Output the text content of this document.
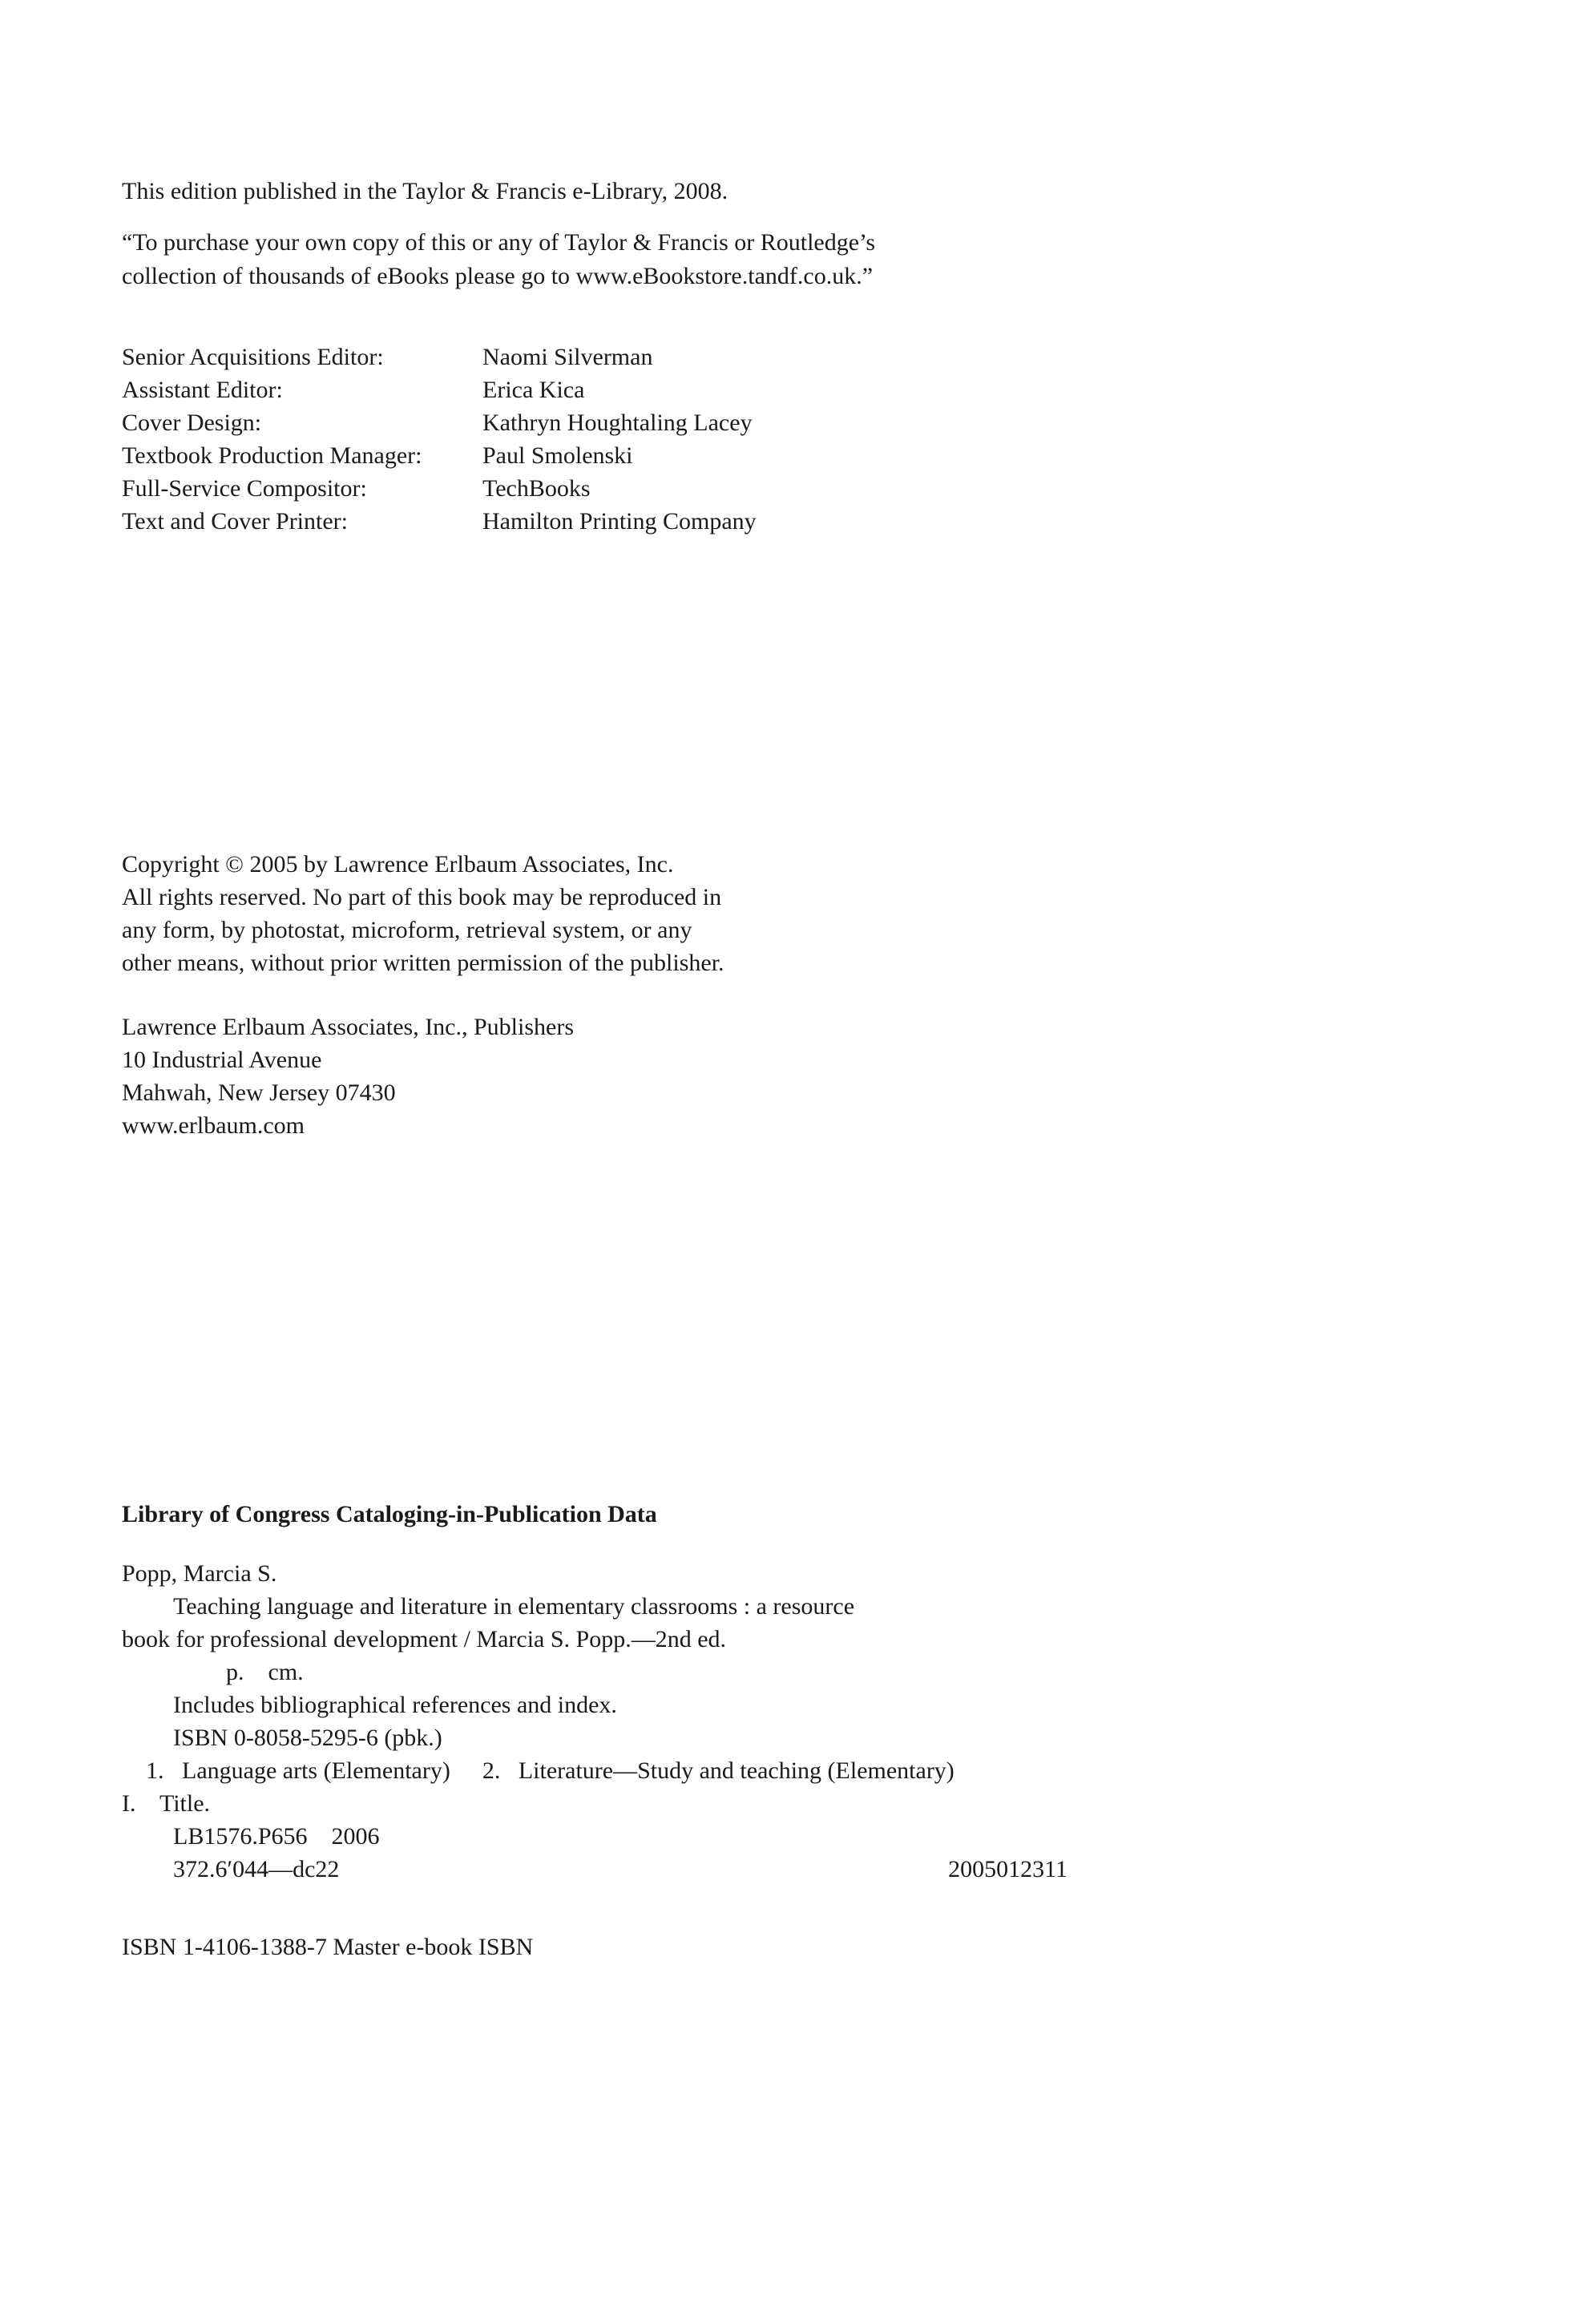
This edition published in the Taylor & Francis e-Library, 2008.
“To purchase your own copy of this or any of Taylor & Francis or Routledge’s
collection of thousands of eBooks please go to www.eBookstore.tandf.co.uk.”
Senior Acquisitions Editor:	Naomi Silverman
Assistant Editor:	Erica Kica
Cover Design:	Kathryn Houghtaling Lacey
Textbook Production Manager:	Paul Smolenski
Full-Service Compositor:	TechBooks
Text and Cover Printer:	Hamilton Printing Company
Copyright © 2005 by Lawrence Erlbaum Associates, Inc.
All rights reserved. No part of this book may be reproduced in
any form, by photostat, microform, retrieval system, or any
other means, without prior written permission of the publisher.
Lawrence Erlbaum Associates, Inc., Publishers
10 Industrial Avenue
Mahwah, New Jersey 07430
www.erlbaum.com
Library of Congress Cataloging-in-Publication Data
Popp, Marcia S.
Teaching language and literature in elementary classrooms : a resource
book for professional development / Marcia S. Popp.—2nd ed.
p.    cm.
Includes bibliographical references and index.
ISBN 0-8058-5295-6 (pbk.)
1.   Language arts (Elementary) 2.   Literature—Study and teaching (Elementary)
I.    Title.
LB1576.P656    2006
372.6′044—dc22	2005012311
ISBN 1-4106-1388-7 Master e-book ISBN
